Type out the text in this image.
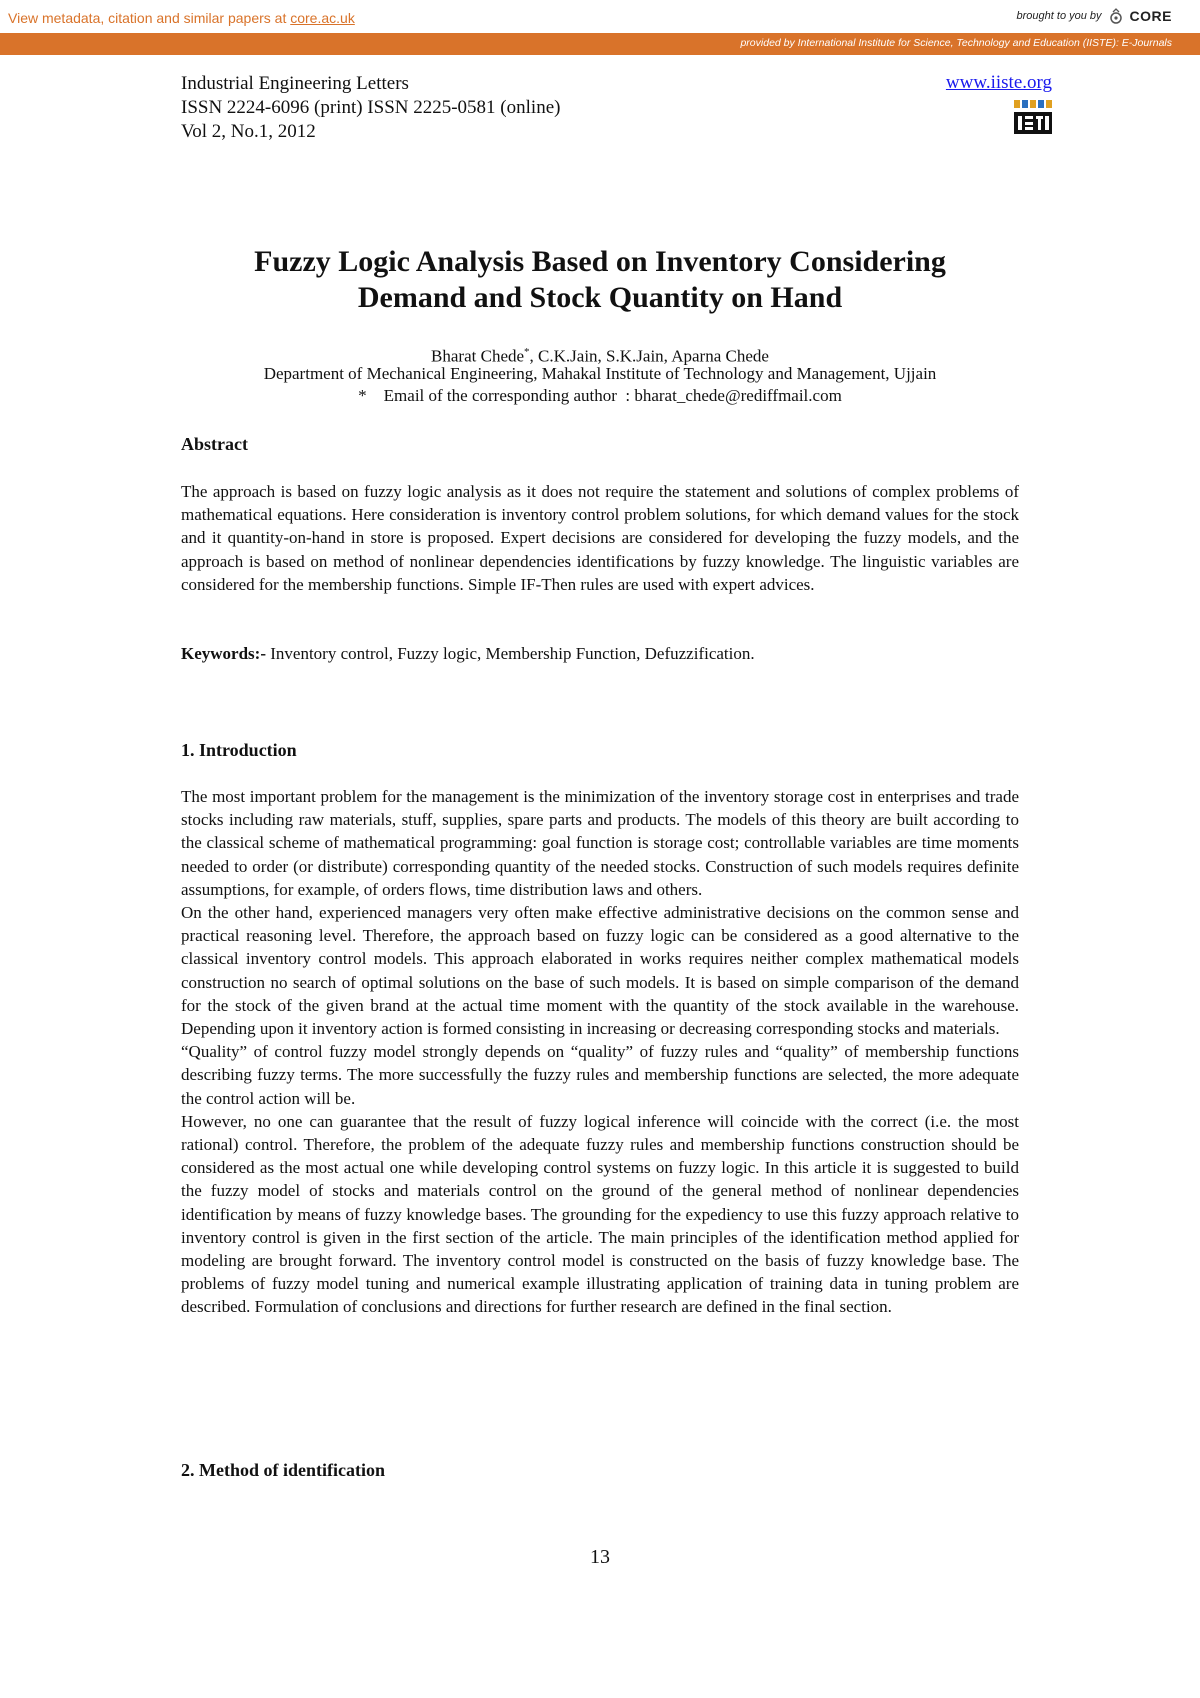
View metadata, citation and similar papers at core.ac.uk	brought to you by CORE
provided by International Institute for Science, Technology and Education (IISTE): E-Journals
Industrial Engineering Letters
ISSN 2224-6096 (print) ISSN 2225-0581 (online)
Vol 2, No.1, 2012
www.iiste.org
Fuzzy Logic Analysis Based on Inventory Considering
Demand and Stock Quantity on Hand
Bharat Chede*, C.K.Jain, S.K.Jain, Aparna Chede
Department of Mechanical Engineering, Mahakal Institute of Technology and Management, Ujjain
*    Email of the corresponding author  : bharat_chede@rediffmail.com
Abstract

The approach is based on fuzzy logic analysis as it does not require the statement and solutions of complex problems of mathematical equations. Here consideration is inventory control problem solutions, for which demand values for the stock and it quantity-on-hand in store is proposed. Expert decisions are considered for developing the fuzzy models, and the approach is based on method of nonlinear dependencies identifications by fuzzy knowledge. The linguistic variables are considered for the membership functions. Simple IF-Then rules are used with expert advices.

Keywords:- Inventory control, Fuzzy logic, Membership Function, Defuzzification.
1. Introduction

The most important problem for the management is the minimization of the inventory storage cost in enterprises and trade stocks including raw materials, stuff, supplies, spare parts and products. The models of this theory are built according to the classical scheme of mathematical programming: goal function is storage cost; controllable variables are time moments needed to order (or distribute) corresponding quantity of the needed stocks. Construction of such models requires definite assumptions, for example, of orders flows, time distribution laws and others.

On the other hand, experienced managers very often make effective administrative decisions on the common sense and practical reasoning level. Therefore, the approach based on fuzzy logic can be considered as a good alternative to the classical inventory control models. This approach elaborated in works requires neither complex mathematical models construction no search of optimal solutions on the base of such models. It is based on simple comparison of the demand for the stock of the given brand at the actual time moment with the quantity of the stock available in the warehouse. Depending upon it inventory action is formed consisting in increasing or decreasing corresponding stocks and materials.

“Quality” of control fuzzy model strongly depends on “quality” of fuzzy rules and “quality” of membership functions describing fuzzy terms. The more successfully the fuzzy rules and membership functions are selected, the more adequate the control action will be.

However, no one can guarantee that the result of fuzzy logical inference will coincide with the correct (i.e. the most rational) control. Therefore, the problem of the adequate fuzzy rules and membership functions construction should be considered as the most actual one while developing control systems on fuzzy logic. In this article it is suggested to build the fuzzy model of stocks and materials control on the ground of the general method of nonlinear dependencies identification by means of fuzzy knowledge bases. The grounding for the expediency to use this fuzzy approach relative to inventory control is given in the first section of the article. The main principles of the identification method applied for modeling are brought forward. The inventory control model is constructed on the basis of fuzzy knowledge base. The problems of fuzzy model tuning and numerical example illustrating application of training data in tuning problem are described. Formulation of conclusions and directions for further research are defined in the final section.

2. Method of identification
13
